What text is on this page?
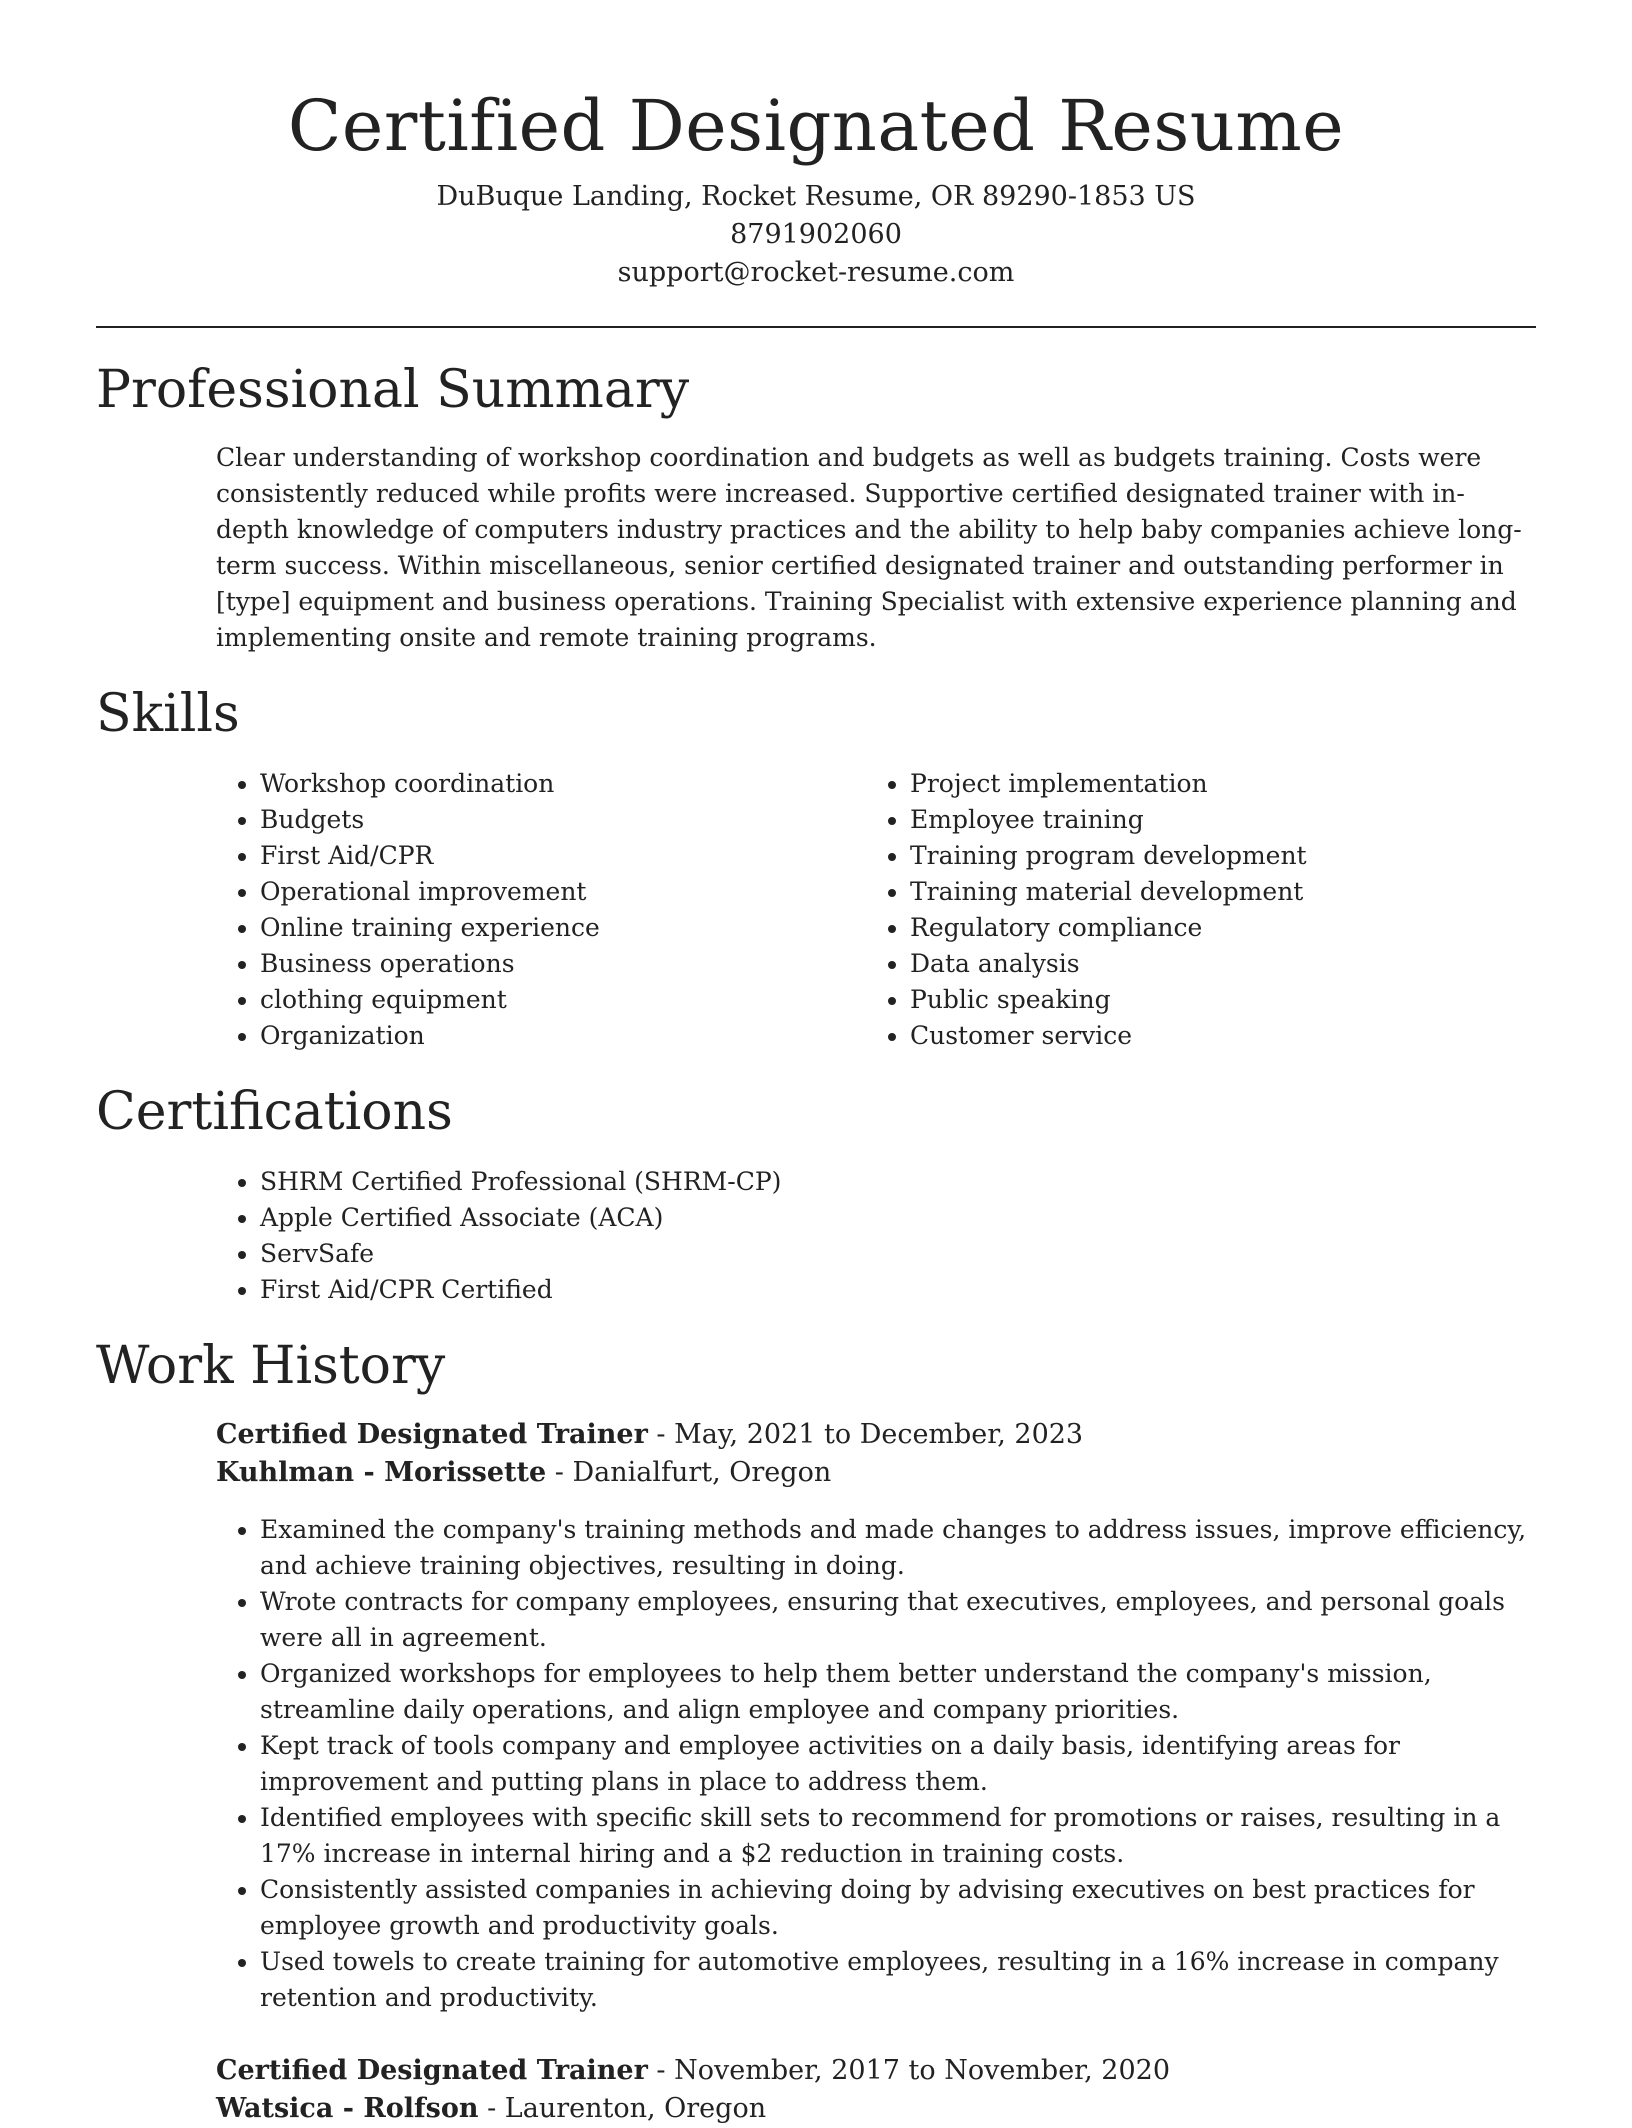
Certified Designated Resume
DuBuque Landing, Rocket Resume, OR 89290-1853 US
8791902060
support@rocket-resume.com
Professional Summary

Clear understanding of workshop coordination and budgets as well as budgets training. Costs were consistently reduced while profits were increased. Supportive certified designated trainer with in-depth knowledge of computers industry practices and the ability to help baby companies achieve long-term success. Within miscellaneous, senior certified designated trainer and outstanding performer in [type] equipment and business operations. Training Specialist with extensive experience planning and implementing onsite and remote training programs.

Skills
• Workshop coordination
• Budgets
• First Aid/CPR
• Operational improvement
• Online training experience
• Business operations
• clothing equipment
• Organization
• Project implementation
• Employee training
• Training program development
• Training material development
• Regulatory compliance
• Data analysis
• Public speaking
• Customer service
Certifications
• SHRM Certified Professional (SHRM-CP)
• Apple Certified Associate (ACA)
• ServSafe
• First Aid/CPR Certified
Work History
Certified Designated Trainer - May, 2021 to December, 2023
Kuhlman - Morissette - Danialfurt, Oregon
• Examined the company's training methods and made changes to address issues, improve efficiency, and achieve training objectives, resulting in doing.
• Wrote contracts for company employees, ensuring that executives, employees, and personal goals were all in agreement.
• Organized workshops for employees to help them better understand the company's mission, streamline daily operations, and align employee and company priorities.
• Kept track of tools company and employee activities on a daily basis, identifying areas for improvement and putting plans in place to address them.
• Identified employees with specific skill sets to recommend for promotions or raises, resulting in a 17% increase in internal hiring and a $2 reduction in training costs.
• Consistently assisted companies in achieving doing by advising executives on best practices for employee growth and productivity goals.
• Used towels to create training for automotive employees, resulting in a 16% increase in company retention and productivity.
Certified Designated Trainer - November, 2017 to November, 2020
Watsica - Rolfson - Laurenton, Oregon
